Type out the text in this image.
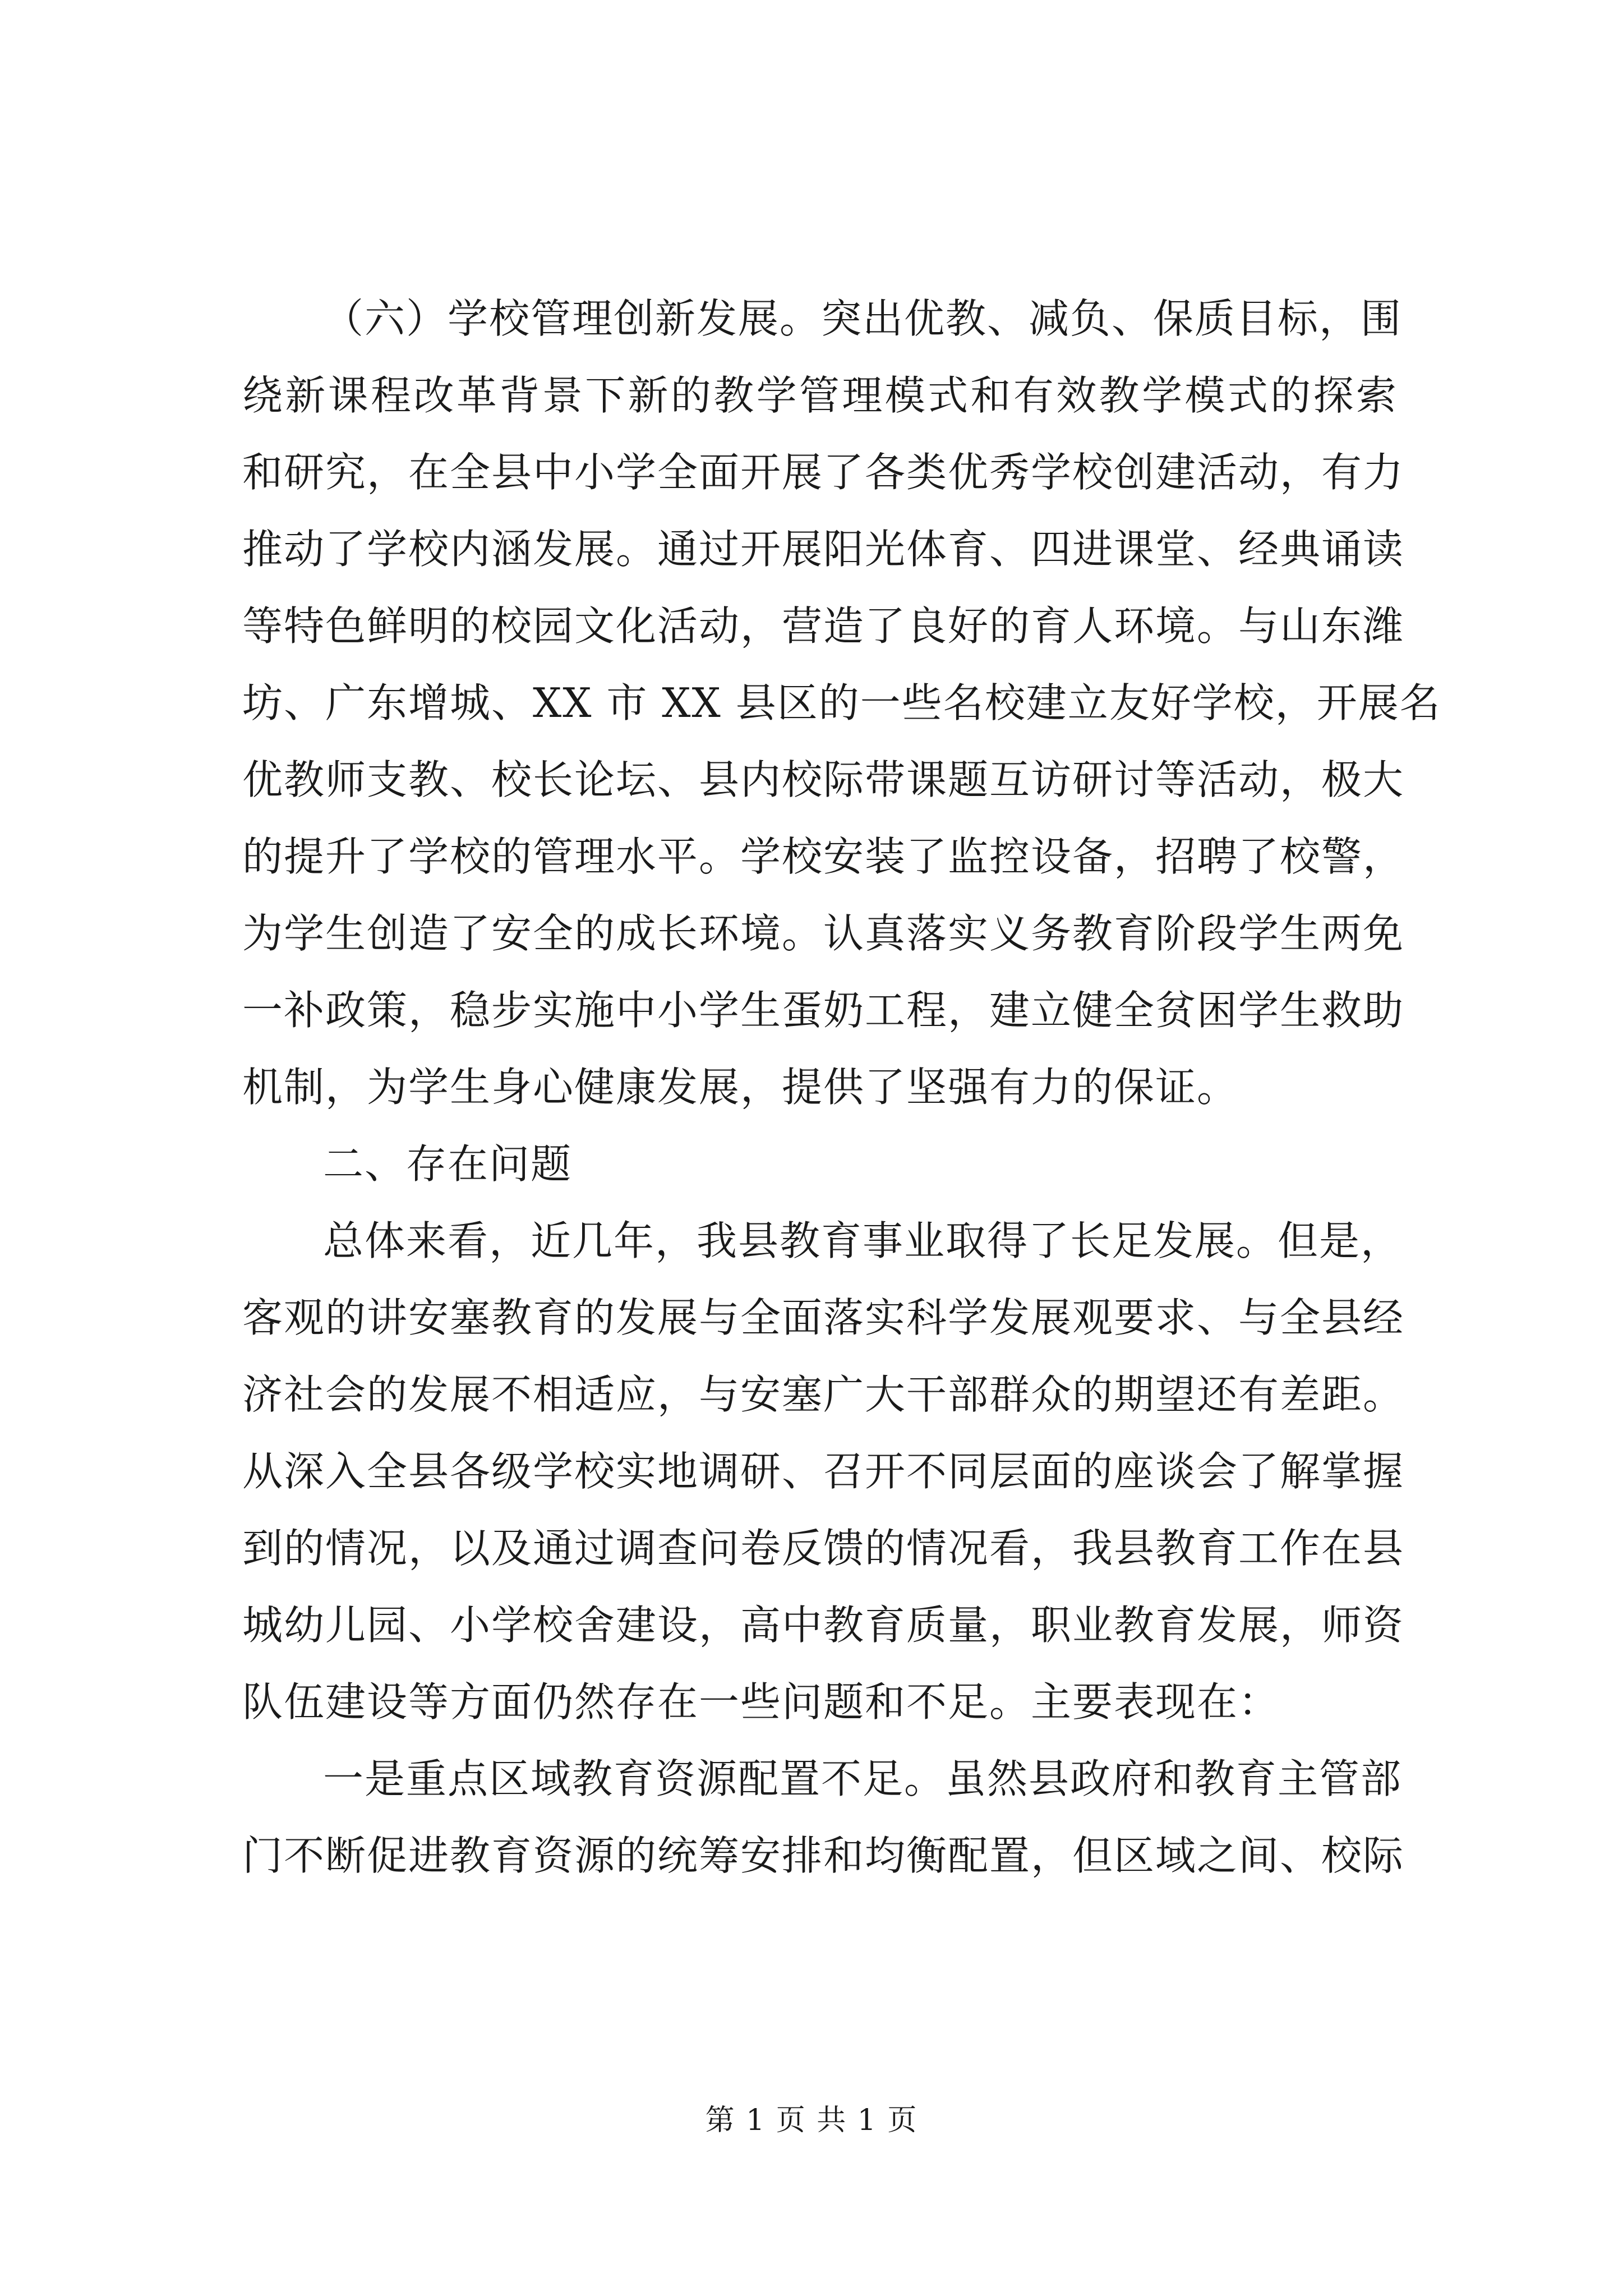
（六）学校管理创新发展。突出优教、减负、保质目标，围
绕新课程改革背景下新的教学管理模式和有效教学模式的探索
和研究，在全县中小学全面开展了各类优秀学校创建活动，有力
推动了学校内涵发展。通过开展阳光体育、四进课堂、经典诵读
等特色鲜明的校园文化活动，营造了良好的育人环境。与山东潍
坊、广东增城、XX 市 XX 县区的一些名校建立友好学校，开展名
优教师支教、校长论坛、县内校际带课题互访研讨等活动，极大
的提升了学校的管理水平。学校安装了监控设备，招聘了校警，
为学生创造了安全的成长环境。认真落实义务教育阶段学生两免
一补政策，稳步实施中小学生蛋奶工程，建立健全贫困学生救助
机制，为学生身心健康发展，提供了坚强有力的保证。
二、存在问题
总体来看，近几年，我县教育事业取得了长足发展。但是，
客观的讲安塞教育的发展与全面落实科学发展观要求、与全县经
济社会的发展不相适应，与安塞广大干部群众的期望还有差距。
从深入全县各级学校实地调研、召开不同层面的座谈会了解掌握
到的情况，以及通过调查问卷反馈的情况看，我县教育工作在县
城幼儿园、小学校舍建设，高中教育质量，职业教育发展，师资
队伍建设等方面仍然存在一些问题和不足。主要表现在：
一是重点区域教育资源配置不足。虽然县政府和教育主管部
门不断促进教育资源的统筹安排和均衡配置，但区域之间、校际
第 1 页 共 1 页
